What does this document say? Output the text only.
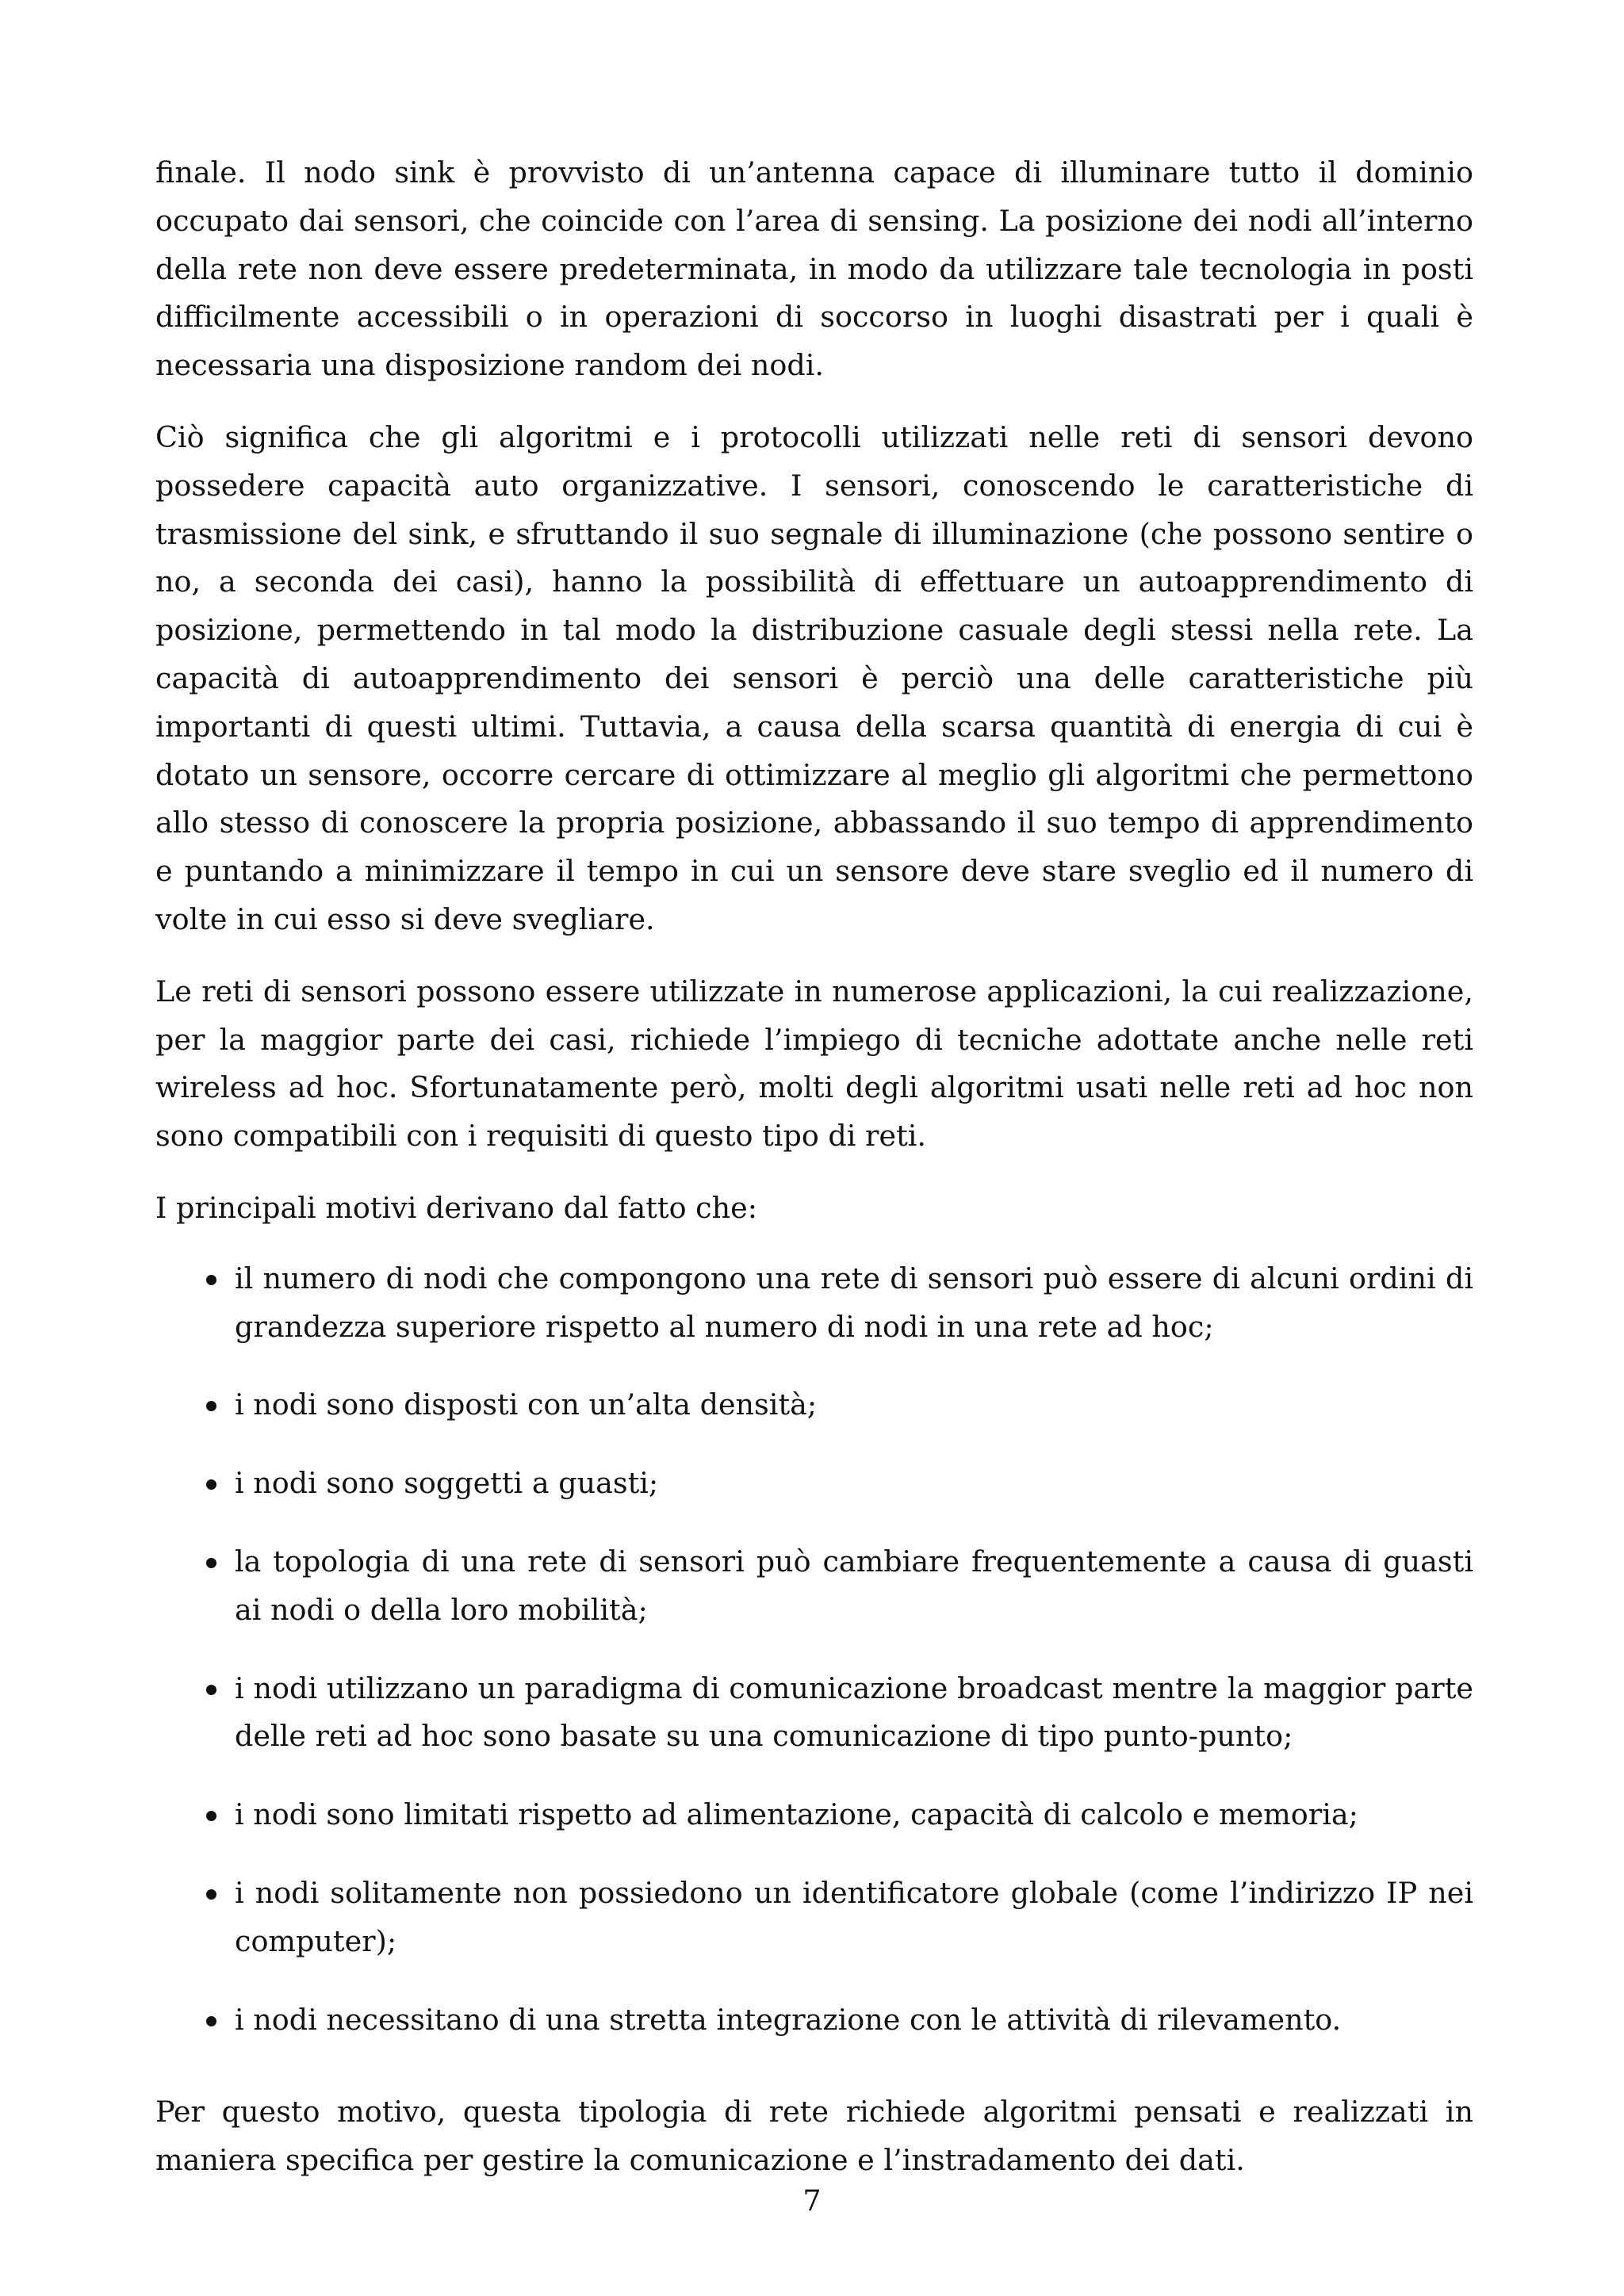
finale. Il nodo sink è provvisto di un’antenna capace di illuminare tutto il dominio occupato dai sensori, che coincide con l’area di sensing. La posizione dei nodi all’interno della rete non deve essere predeterminata, in modo da utilizzare tale tecnologia in posti difficilmente accessibili o in operazioni di soccorso in luoghi disastrati per i quali è necessaria una disposizione random dei nodi.

Ciò significa che gli algoritmi e i protocolli utilizzati nelle reti di sensori devono possedere capacità auto organizzative. I sensori, conoscendo le caratteristiche di trasmissione del sink, e sfruttando il suo segnale di illuminazione (che possono sentire o no, a seconda dei casi), hanno la possibilità di effettuare un autoapprendimento di posizione, permettendo in tal modo la distribuzione casuale degli stessi nella rete. La capacità di autoapprendimento dei sensori è perciò una delle caratteristiche più importanti di questi ultimi. Tuttavia, a causa della scarsa quantità di energia di cui è dotato un sensore, occorre cercare di ottimizzare al meglio gli algoritmi che permettono allo stesso di conoscere la propria posizione, abbassando il suo tempo di apprendimento e puntando a minimizzare il tempo in cui un sensore deve stare sveglio ed il numero di volte in cui esso si deve svegliare.

Le reti di sensori possono essere utilizzate in numerose applicazioni, la cui realizzazione, per la maggior parte dei casi, richiede l’impiego di tecniche adottate anche nelle reti wireless ad hoc. Sfortunatamente però, molti degli algoritmi usati nelle reti ad hoc non sono compatibili con i requisiti di questo tipo di reti.

I principali motivi derivano dal fatto che:

il numero di nodi che compongono una rete di sensori può essere di alcuni ordini di grandezza superiore rispetto al numero di nodi in una rete ad hoc;
i nodi sono disposti con un’alta densità;
i nodi sono soggetti a guasti;
la topologia di una rete di sensori può cambiare frequentemente a causa di guasti ai nodi o della loro mobilità;
i nodi utilizzano un paradigma di comunicazione broadcast mentre la maggior parte delle reti ad hoc sono basate su una comunicazione di tipo punto-punto;
i nodi sono limitati rispetto ad alimentazione, capacità di calcolo e memoria;
i nodi solitamente non possiedono un identificatore globale (come l’indirizzo IP nei computer);
i nodi necessitano di una stretta integrazione con le attività di rilevamento.

Per questo motivo, questa tipologia di rete richiede algoritmi pensati e realizzati in maniera specifica per gestire la comunicazione e l’instradamento dei dati.

7
